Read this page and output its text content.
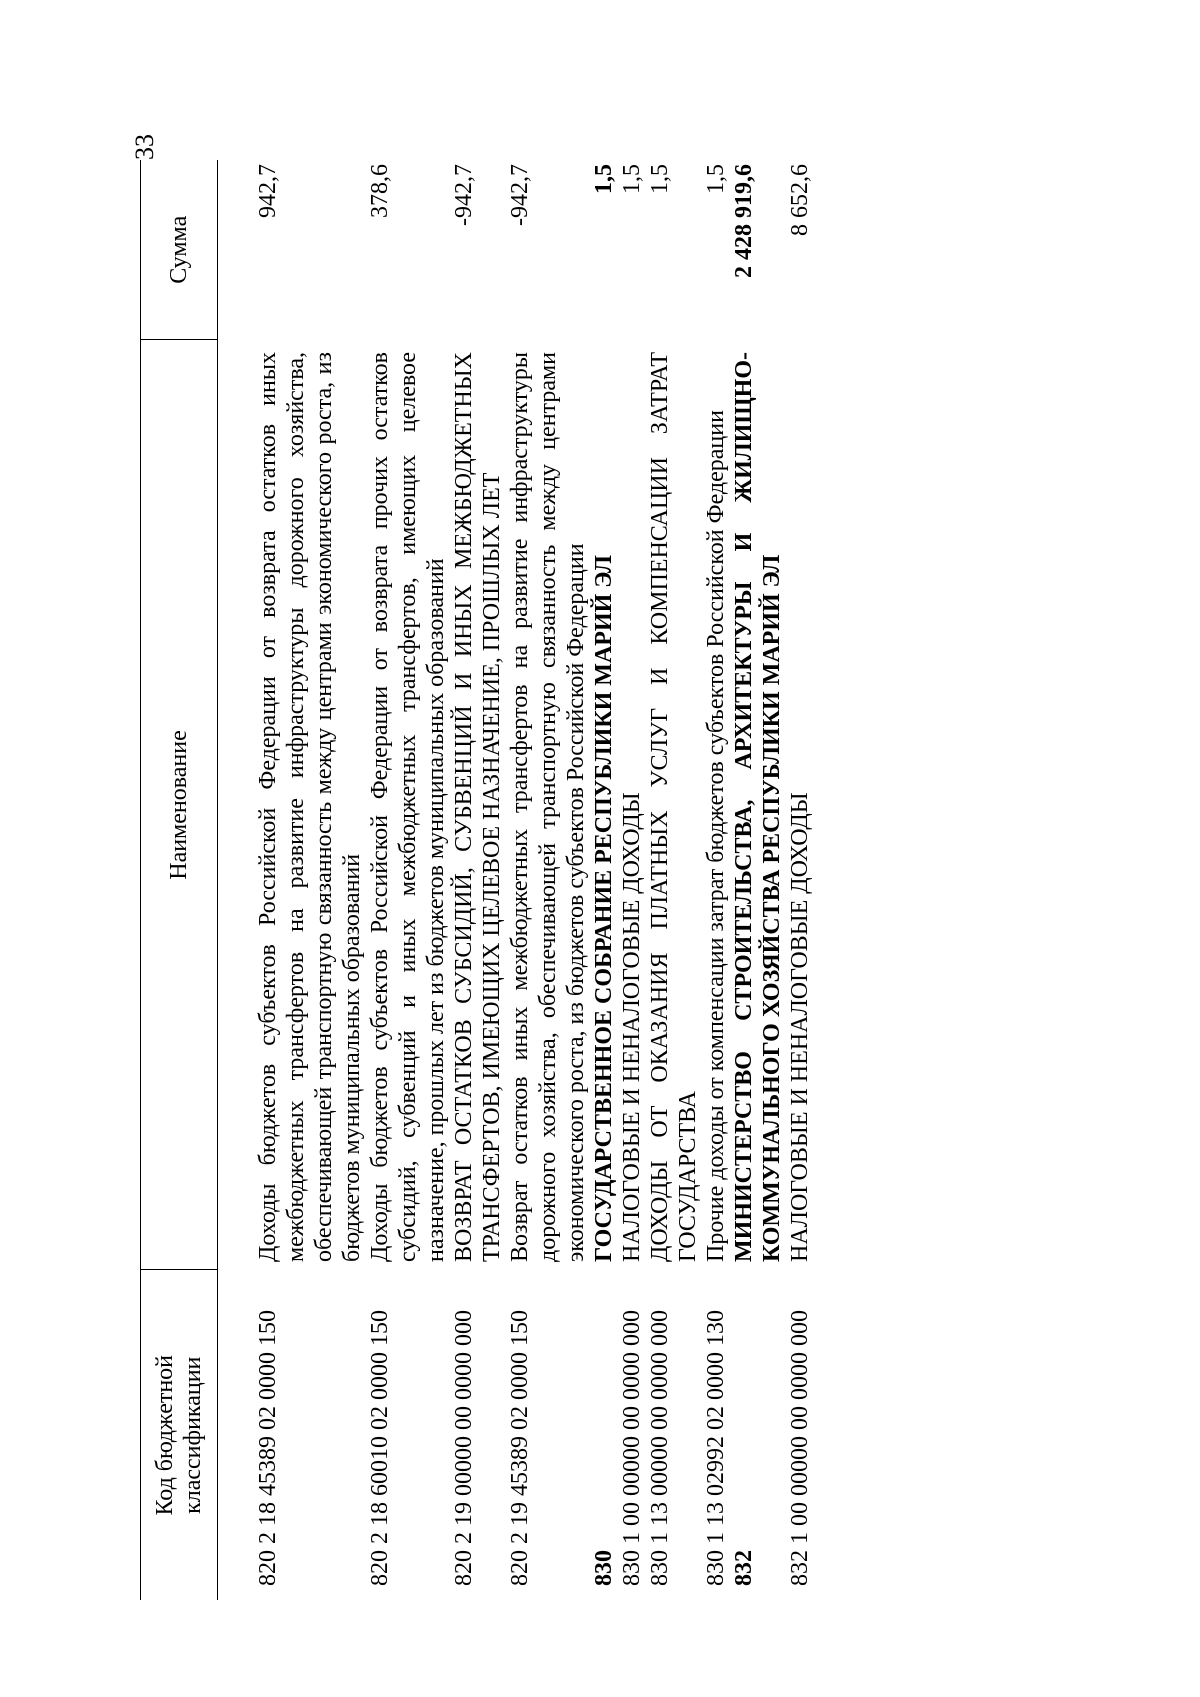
33
Код бюджетной классификации	Наименование	Сумма

820 2 18 45389 02 0000 150	Доходы бюджетов субъектов Российской Федерации от возврата остатков иных межбюджетных трансфертов на развитие инфраструктуры дорожного хозяйства, обеспечивающей транспортную связанность между центрами экономического роста, из бюджетов муниципальных образований	942,7
820 2 18 60010 02 0000 150	Доходы бюджетов субъектов Российской Федерации от возврата прочих остатков субсидий, субвенций и иных межбюджетных трансфертов, имеющих целевое назначение, прошлых лет из бюджетов муниципальных образований	378,6
820 2 19 00000 00 0000 000	ВОЗВРАТ ОСТАТКОВ СУБСИДИЙ, СУБВЕНЦИЙ И ИНЫХ МЕЖБЮДЖЕТНЫХ ТРАНСФЕРТОВ, ИМЕЮЩИХ ЦЕЛЕВОЕ НАЗНАЧЕНИЕ, ПРОШЛЫХ ЛЕТ	-942,7
820 2 19 45389 02 0000 150	Возврат остатков иных межбюджетных трансфертов на развитие инфраструктуры дорожного хозяйства, обеспечивающей транспортную связанность между центрами экономического роста, из бюджетов субъектов Российской Федерации	-942,7
830	ГОСУДАРСТВЕННОЕ СОБРАНИЕ РЕСПУБЛИКИ МАРИЙ ЭЛ	1,5
830 1 00 00000 00 0000 000	НАЛОГОВЫЕ И НЕНАЛОГОВЫЕ ДОХОДЫ	1,5
830 1 13 00000 00 0000 000	ДОХОДЫ ОТ ОКАЗАНИЯ ПЛАТНЫХ УСЛУГ И КОМПЕНСАЦИИ ЗАТРАТ ГОСУДАРСТВА	1,5
830 1 13 02992 02 0000 130	Прочие доходы от компенсации затрат бюджетов субъектов Российской Федерации	1,5
832	МИНИСТЕРСТВО СТРОИТЕЛЬСТВА, АРХИТЕКТУРЫ И ЖИЛИЩНО-КОММУНАЛЬНОГО ХОЗЯЙСТВА РЕСПУБЛИКИ МАРИЙ ЭЛ	2 428 919,6
832 1 00 00000 00 0000 000	НАЛОГОВЫЕ И НЕНАЛОГОВЫЕ ДОХОДЫ	8 652,6
